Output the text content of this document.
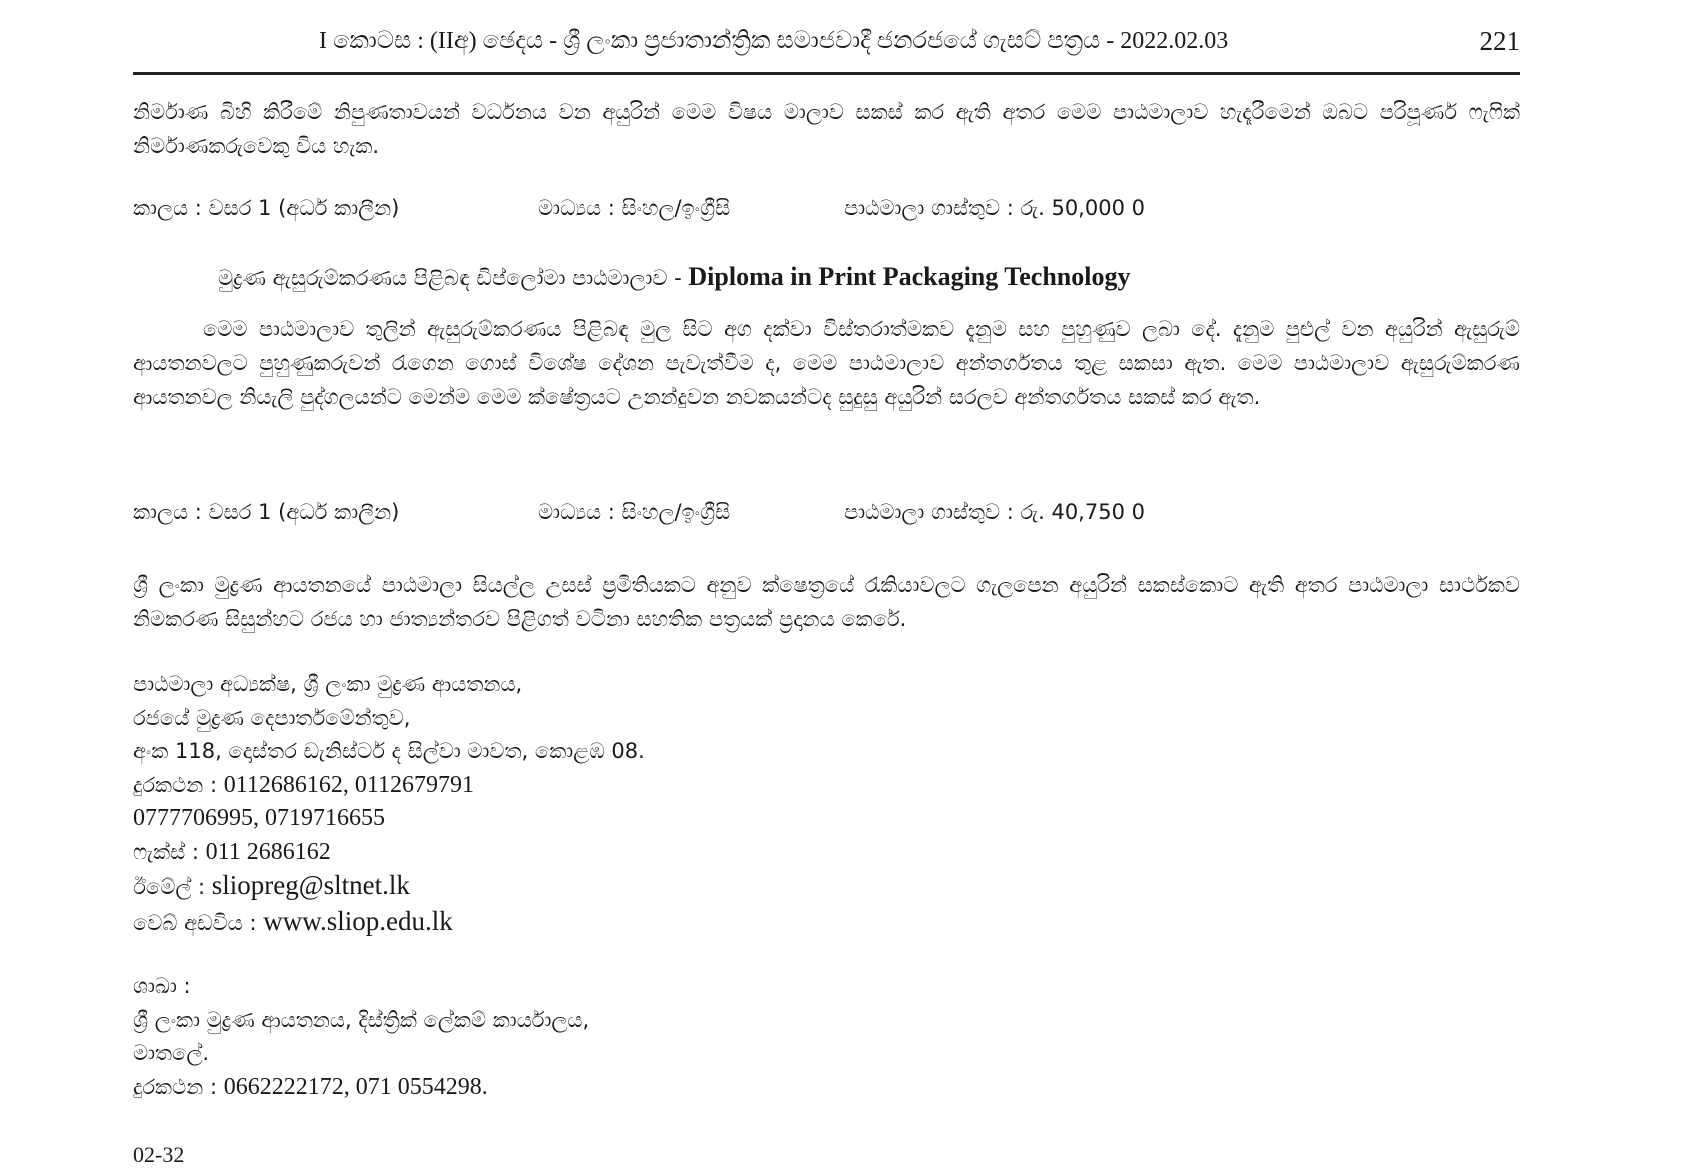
I කොටස : (IIඅ) ඡෙදය - ශ්‍රී ලංකා ප්‍රජාතාන්ත්‍රික සමාජවාදී ජනරජයේ ගැසට් පත්‍රය - 2022.02.03	221
නිර්මාණ බිහි කිරීමේ නිපුණතාවයන් වර්ධනය වන අයුරින් මෙම විෂය මාලාව සකස් කර ඇති අතර මෙම පාඨමාලාව හැදෑරීමෙන් ඔබට පරිපූර්ණ ෆැෆික් නිර්මාණකරුවෙකු විය හැක.
කාලය : වසර 1 (අර්ධ කාලීන)	මාධ්‍යය : සිංහල/ඉංග්‍රීසි	පාඨමාලා ගාස්තුව : රු. 50,000 0
මුද්‍රණ ඇසුරුම්කරණය පිළිබඳ ඩිප්ලෝමා පාඨමාලාව - Diploma in Print Packaging Technology
මෙම පාඨමාලාව තුලින් ඇසුරුම්කරණය පිළිබඳ මුල සිට අග දක්වා විස්තරාත්මකව දැනුම සහ පුහුණුව ලබා දේ. දැනුම පුළුල් වන අයුරින් ඇසුරුම් ආයතනවලට පුහුණුකරුවන් රැගෙන ගොස් විශේෂ දේශන පැවැත්වීම ද, මෙම පාඨමාලාව අන්තර්ගතය තුළ සකසා ඇත. මෙම පාඨමාලාව ඇසුරුම්කරණ ආයතනවල නියැලි පුද්ගලයන්ට මෙන්ම මෙම ක්ෂේත්‍රයට උනන්දුවන නවකයන්ටද සුදුසු අයුරින් සරලව අන්තර්ගතය සකස් කර ඇත.
කාලය : වසර 1 (අර්ධ කාලීන)	මාධ්‍යය : සිංහල/ඉංග්‍රීසි	පාඨමාලා ගාස්තුව : රු. 40,750 0
ශ්‍රී ලංකා මුද්‍රණ ආයතනයේ පාඨමාලා සියල්ල උසස් ප්‍රමිතියකට අනුව ක්ෂෙත්‍රයේ රැකියාවලට ගැලපෙන අයුරින් සකස්කොට ඇති අතර පාඨමාලා සාර්ථකව නිමකරණ සිසුන්හට රජය හා ජාත්‍යන්තරව පිළිගත් වටිනා සහතික පත්‍රයක් ප්‍රදානය කෙරේ.
පාඨමාලා අධ්‍යක්ෂ, ශ්‍රී ලංකා මුද්‍රණ ආයතනය,
රජයේ මුද්‍රණ දෙපාර්තමේන්තුව,
අංක 118, දොස්තර ඩැනිස්ටර් ද සිල්වා මාවත, කොළඹ 08.
දුරකථන : 0112686162, 0112679791
0777706995, 0719716655
ෆැක්ස් : 011 2686162
ඊමේල් : sliopreg@sltnet.lk
වෙබ් අඩවිය : www.sliop.edu.lk
ශාඛා :
ශ්‍රී ලංකා මුද්‍රණ ආයතනය, දිස්ත්‍රික් ලේකම් කාර්යාලය,
මාතලේ.
දුරකථන : 0662222172, 071 0554298.
02-32
